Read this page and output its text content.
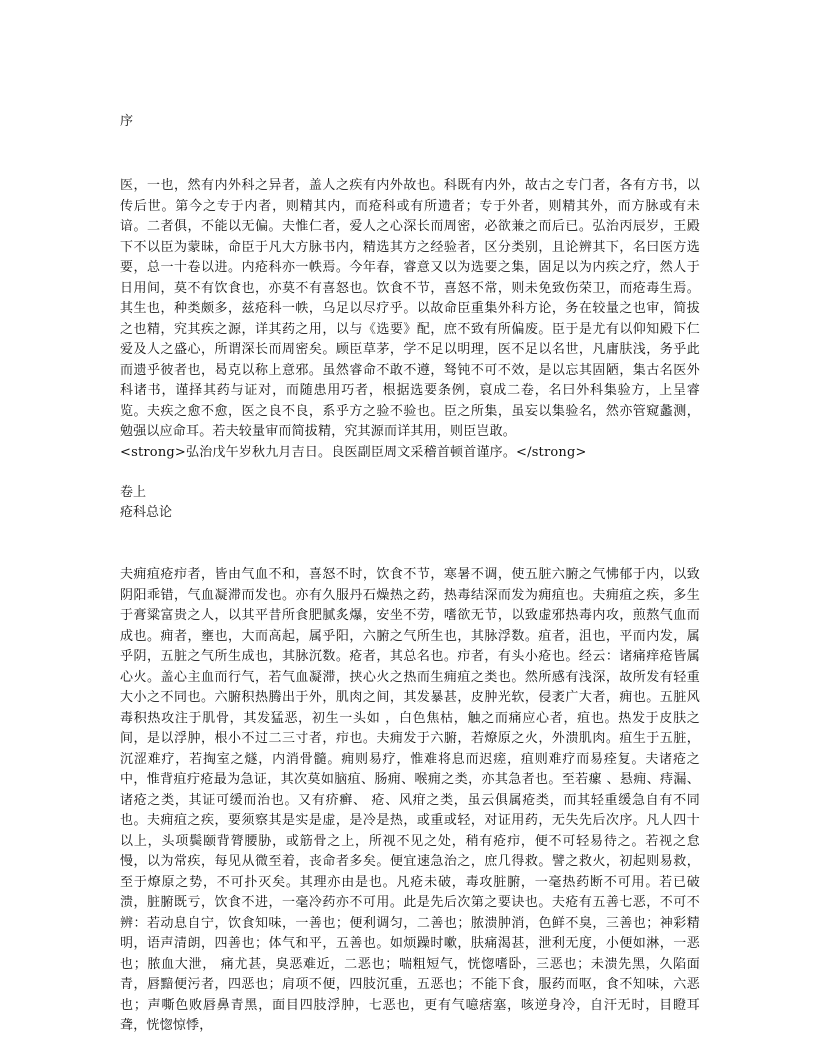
序

医，一也，然有内外科之异者，盖人之疾有内外故也。科既有内外，故古之专门者，各有方书，以传后世。第今之专于内者，则精其内，而疮科或有所遗者；专于外者，则精其外，而方脉或有未谙。二者俱，不能以无偏。夫惟仁者，爱人之心深长而周密，必欲兼之而后已。弘治丙辰岁，王殿下不以臣为蒙昧，命臣于凡大方脉书内，精选其方之经验者，区分类别，且论辨其下，名曰医方选要，总一十卷以进。内疮科亦一帙焉。今年春，睿意又以为选要之集，固足以为内疾之疗，然人于日用间，莫不有饮食也，亦莫不有喜怒也。饮食不节，喜怒不常，则未免致伤荣卫，而疮毒生焉。其生也，种类颇多，兹疮科一帙，乌足以尽疗乎。以故命臣重集外科方论，务在较量之也审，简拔之也精，究其疾之源，详其药之用，以与《选要》配，庶不致有所偏废。臣于是尤有以仰知殿下仁爱及人之盛心，所谓深长而周密矣。顾臣草茅，学不足以明理，医不足以名世，凡庸肤浅，务乎此而遗乎彼者也，曷克以称上意邪。虽然睿命不敢不遵，驽钝不可不效，是以忘其固陋，集古名医外科诸书，谨择其药与证对，而随患用巧者，根据选要条例，裒成二卷，名曰外科集验方，上呈睿览。夫疾之愈不愈，医之良不良，系乎方之验不验也。臣之所集，虽妄以集验名，然亦管窥蠡测，勉强以应命耳。若夫较量审而简拔精，究其源而详其用，则臣岂敢。

<strong>弘治戊午岁秋九月吉日。良医副臣周文采稽首顿首谨序。</strong>

卷上
疮科总论

夫痈疽疮疖者，皆由气血不和，喜怒不时，饮食不节，寒暑不调，使五脏六腑之气怫郁于内，以致阴阳乖错，气血凝滞而发也。亦有久服丹石燥热之药，热毒结深而发为痈疽也。夫痈疽之疾，多生于膏粱富贵之人，以其平昔所食肥腻炙爆，安坐不劳，嗜欲无节，以致虚邪热毒内攻，煎熬气血而成也。痈者，壅也，大而高起，属乎阳，六腑之气所生也，其脉浮数。疽者，沮也，平而内发，属乎阴，五脏之气所生成也，其脉沉数。疮者，其总名也。疖者，有头小疮也。经云：诸痛痒疮皆属心火。盖心主血而行气，若气血凝滞，挟心火之热而生痈疽之类也。然所感有浅深，故所发有轻重大小之不同也。六腑积热腾出于外，肌肉之间，其发暴甚，皮肿光软，侵袤广大者，痈也。五脏风毒积热攻注于肌骨，其发猛恶，初生一头如 ，白色焦枯，触之而痛应心者，疽也。热发于皮肤之间，是以浮肿，根小不过二三寸者，疖也。夫痈发于六腑，若燎原之火，外溃肌肉。疽生于五脏，沉涩难疗，若掏室之燧，内消骨髓。痈则易疗，惟难将息而迟瘥，疽则难疗而易痊复。夫诸疮之中，惟背疽疔疮最为急证，其次莫如脑疽、肠痈、喉痈之类，亦其急者也。至若瘰 、悬痈、痔漏、诸疮之类，其证可缓而治也。又有疥癣、 疮、风疳之类，虽云俱属疮类，而其轻重缓急自有不同也。夫痈疽之疾，要须察其是实是虚，是冷是热，或重或轻，对证用药，无失先后次序。凡人四十以上，头项鬓颐背膂腰胁，或筋骨之上，所视不见之处，稍有疮疖，便不可轻易待之。若视之怠慢，以为常疾，每见从微至着，丧命者多矣。便宜速急治之，庶几得救。譬之救火，初起则易救，至于燎原之势，不可扑灭矣。其理亦由是也。凡疮未破，毒攻脏腑，一毫热药断不可用。若已破溃，脏腑既亏，饮食不进，一毫冷药亦不可用。此是先后次第之要诀也。夫疮有五善七恶，不可不辨：若动息自宁，饮食知味，一善也；便利调匀，二善也；脓溃肿消，色鲜不臭，三善也；神彩精明，语声清朗，四善也；体气和平，五善也。如烦躁时嗽，肤痛渴甚，泄利无度，小便如淋，一恶也；脓血大泄， 痛尤甚，臭恶难近，二恶也；喘粗短气，恍惚嗜卧，三恶也；未溃先黑，久陷面青，唇黯便污者，四恶也；肩项不便，四肢沉重，五恶也；不能下食，服药而呕，食不知味，六恶也；声嘶色败唇鼻青黑，面目四肢浮肿，七恶也，更有气噫痞塞，咳逆身冷，自汗无时，目瞪耳聋，恍惚惊悸，
